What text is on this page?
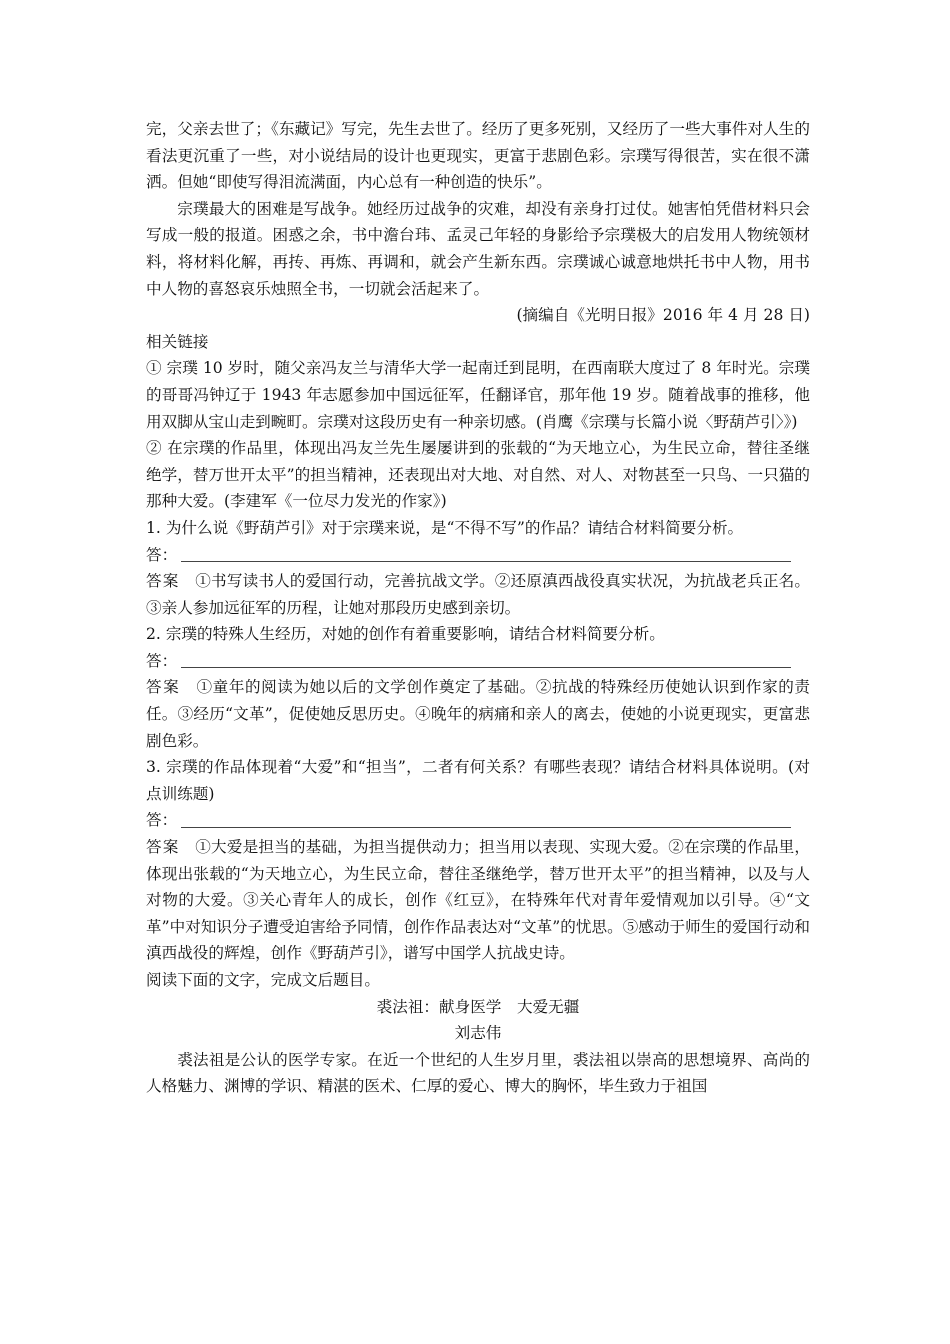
完，父亲去世了；《东藏记》写完，先生去世了。经历了更多死别，又经历了一些大事件对人生的看法更沉重了一些，对小说结局的设计也更现实，更富于悲剧色彩。宗璞写得很苦，实在很不潇洒。但她“即使写得泪流满面，内心总有一种创造的快乐”。

宗璞最大的困难是写战争。她经历过战争的灾难，却没有亲身打过仗。她害怕凭借材料只会写成一般的报道。困惑之余，书中澹台玮、孟灵己年轻的身影给予宗璞极大的启发用人物统领材料，将材料化解，再抟、再炼、再调和，就会产生新东西。宗璞诚心诚意地烘托书中人物，用书中人物的喜怒哀乐烛照全书，一切就会活起来了。

(摘编自《光明日报》2016 年 4 月 28 日)

相关链接

① 宗璞 10 岁时，随父亲冯友兰与清华大学一起南迁到昆明，在西南联大度过了 8 年时光。宗璞的哥哥冯钟辽于 1943 年志愿参加中国远征军，任翻译官，那年他 19 岁。随着战事的推移，他用双脚从宝山走到畹町。宗璞对这段历史有一种亲切感。(肖鹰《宗璞与长篇小说〈野葫芦引〉》)

② 在宗璞的作品里，体现出冯友兰先生屡屡讲到的张载的“为天地立心，为生民立命，替往圣继绝学，替万世开太平”的担当精神，还表现出对大地、对自然、对人、对物甚至一只鸟、一只猫的那种大爱。(李建军《一位尽力发光的作家》)

1. 为什么说《野葫芦引》对于宗璞来说，是“不得不写”的作品？请结合材料简要分析。

答：

答案　 ①书写读书人的爱国行动，完善抗战文学。②还原滇西战役真实状况，为抗战老兵正名。③亲人参加远征军的历程，让她对那段历史感到亲切。

2. 宗璞的特殊人生经历，对她的创作有着重要影响，请结合材料简要分析。

答：

答案　 ①童年的阅读为她以后的文学创作奠定了基础。②抗战的特殊经历使她认识到作家的责任。③经历“文革”，促使她反思历史。④晚年的病痛和亲人的离去，使她的小说更现实，更富悲剧色彩。

3. 宗璞的作品体现着“大爱”和“担当”，二者有何关系？有哪些表现？请结合材料具体说明。(对点训练题)

答：

答案　 ①大爱是担当的基础，为担当提供动力；担当用以表现、实现大爱。②在宗璞的作品里，体现出张载的“为天地立心，为生民立命，替往圣继绝学，替万世开太平”的担当精神，以及与人对物的大爱。③关心青年人的成长，创作《红豆》，在特殊年代对青年爱情观加以引导。④“文革”中对知识分子遭受迫害给予同情，创作作品表达对“文革”的忧思。⑤感动于师生的爱国行动和滇西战役的辉煌，创作《野葫芦引》，谱写中国学人抗战史诗。

阅读下面的文字，完成文后题目。

裘法祖：献身医学　大爱无疆

刘志伟

裘法祖是公认的医学专家。在近一个世纪的人生岁月里，裘法祖以崇高的思想境界、高尚的人格魅力、渊博的学识、精湛的医术、仁厚的爱心、博大的胸怀，毕生致力于祖国
